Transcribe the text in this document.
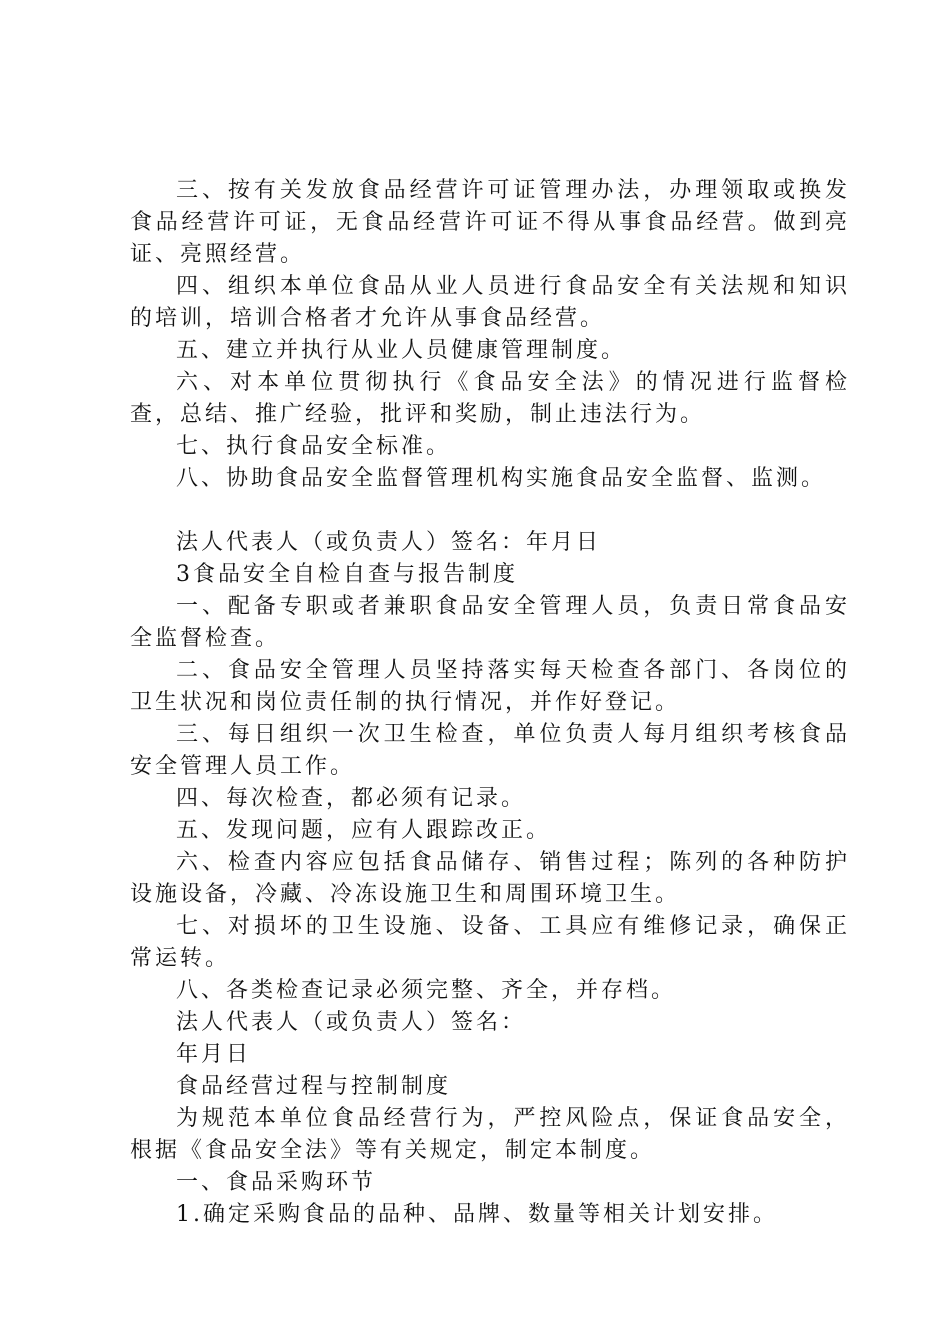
三、按有关发放食品经营许可证管理办法，办理领取或换发食品经营许可证，无食品经营许可证不得从事食品经营。做到亮证、亮照经营。

四、组织本单位食品从业人员进行食品安全有关法规和知识的培训，培训合格者才允许从事食品经营。

五、建立并执行从业人员健康管理制度。

六、对本单位贯彻执行《食品安全法》的情况进行监督检查，总结、推广经验，批评和奖励，制止违法行为。

七、执行食品安全标准。

八、协助食品安全监督管理机构实施食品安全监督、监测。

法人代表人（或负责人）签名：年月日

3食品安全自检自查与报告制度

一、配备专职或者兼职食品安全管理人员，负责日常食品安全监督检查。

二、食品安全管理人员坚持落实每天检查各部门、各岗位的卫生状况和岗位责任制的执行情况，并作好登记。

三、每日组织一次卫生检查，单位负责人每月组织考核食品安全管理人员工作。

四、每次检查，都必须有记录。

五、发现问题，应有人跟踪改正。

六、检查内容应包括食品储存、销售过程；陈列的各种防护设施设备，冷藏、冷冻设施卫生和周围环境卫生。

七、对损坏的卫生设施、设备、工具应有维修记录，确保正常运转。

八、各类检查记录必须完整、齐全，并存档。

法人代表人（或负责人）签名：

年月日

食品经营过程与控制制度

为规范本单位食品经营行为，严控风险点，保证食品安全，根据《食品安全法》等有关规定，制定本制度。

一、食品采购环节

1.确定采购食品的品种、品牌、数量等相关计划安排。
